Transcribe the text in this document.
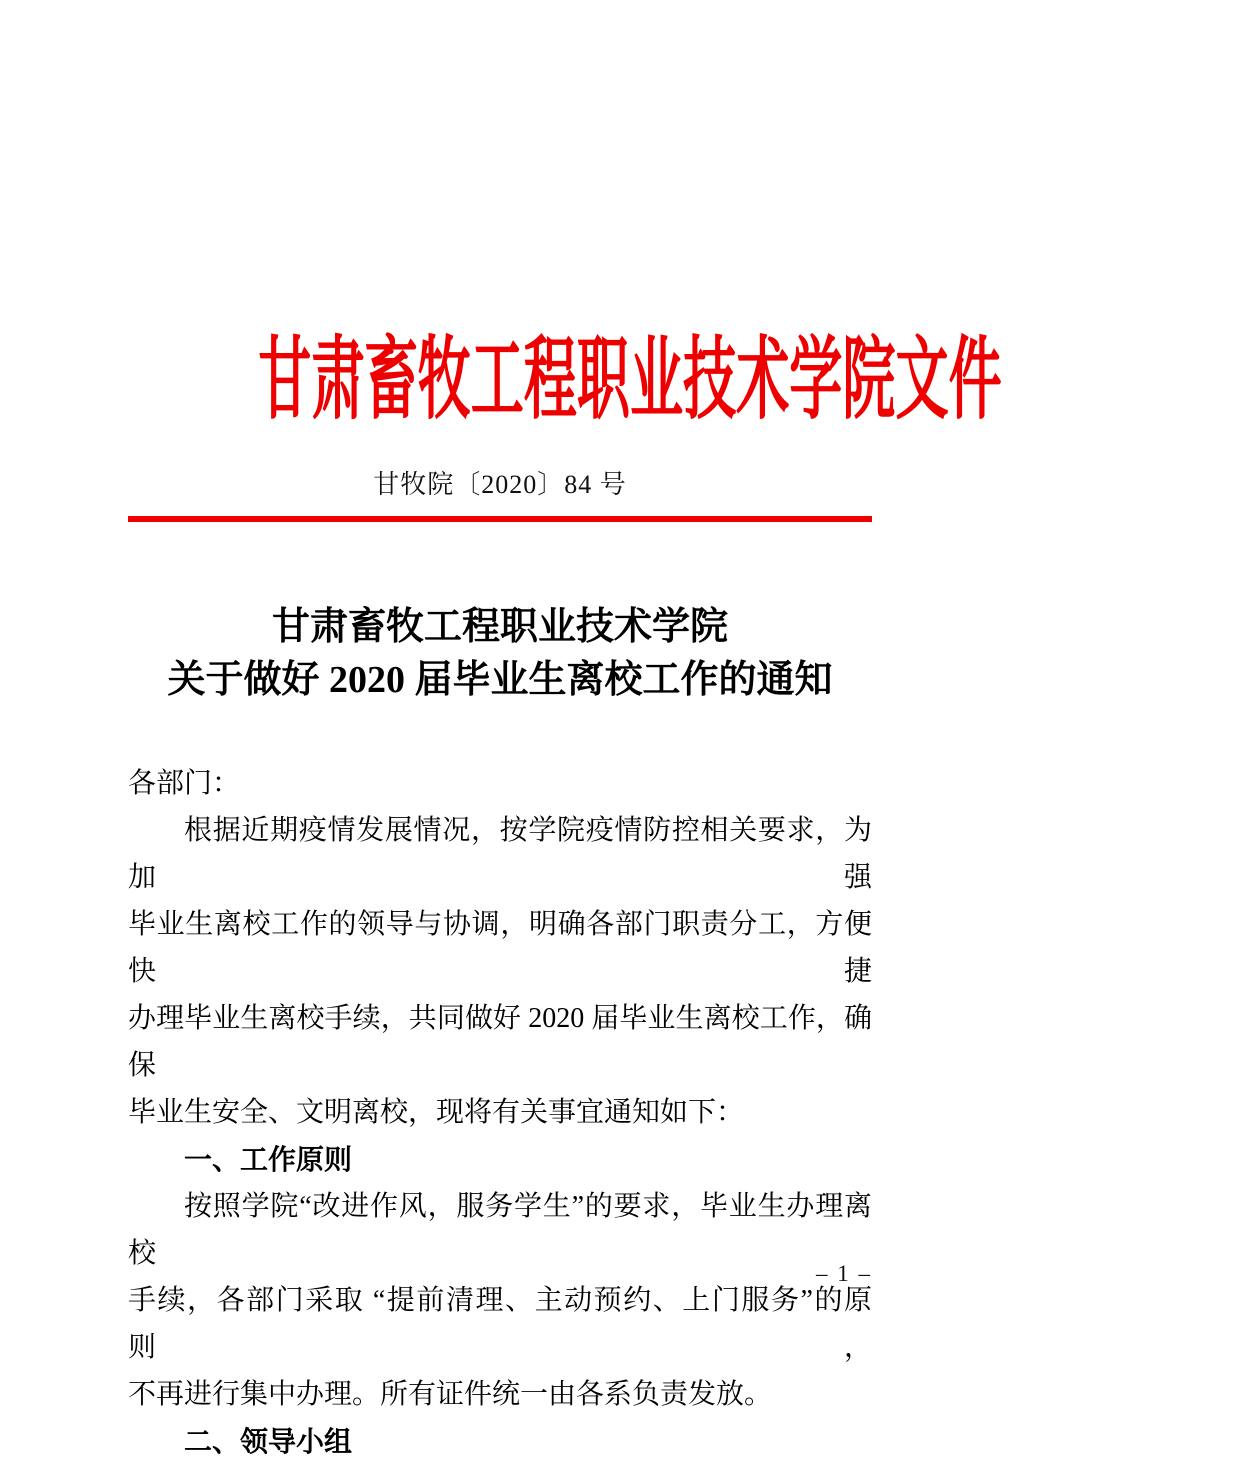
甘肃畜牧工程职业技术学院文件
甘牧院〔2020〕84 号
甘肃畜牧工程职业技术学院
关于做好 2020 届毕业生离校工作的通知
各部门：
根据近期疫情发展情况，按学院疫情防控相关要求，为加强
毕业生离校工作的领导与协调，明确各部门职责分工，方便快捷
办理毕业生离校手续，共同做好 2020 届毕业生离校工作，确保
毕业生安全、文明离校，现将有关事宜通知如下：
一、工作原则
按照学院“改进作风，服务学生”的要求，毕业生办理离校
手续，各部门采取 “提前清理、主动预约、上门服务”的原则，
不再进行集中办理。所有证件统一由各系负责发放。
二、领导小组
– 1 –
